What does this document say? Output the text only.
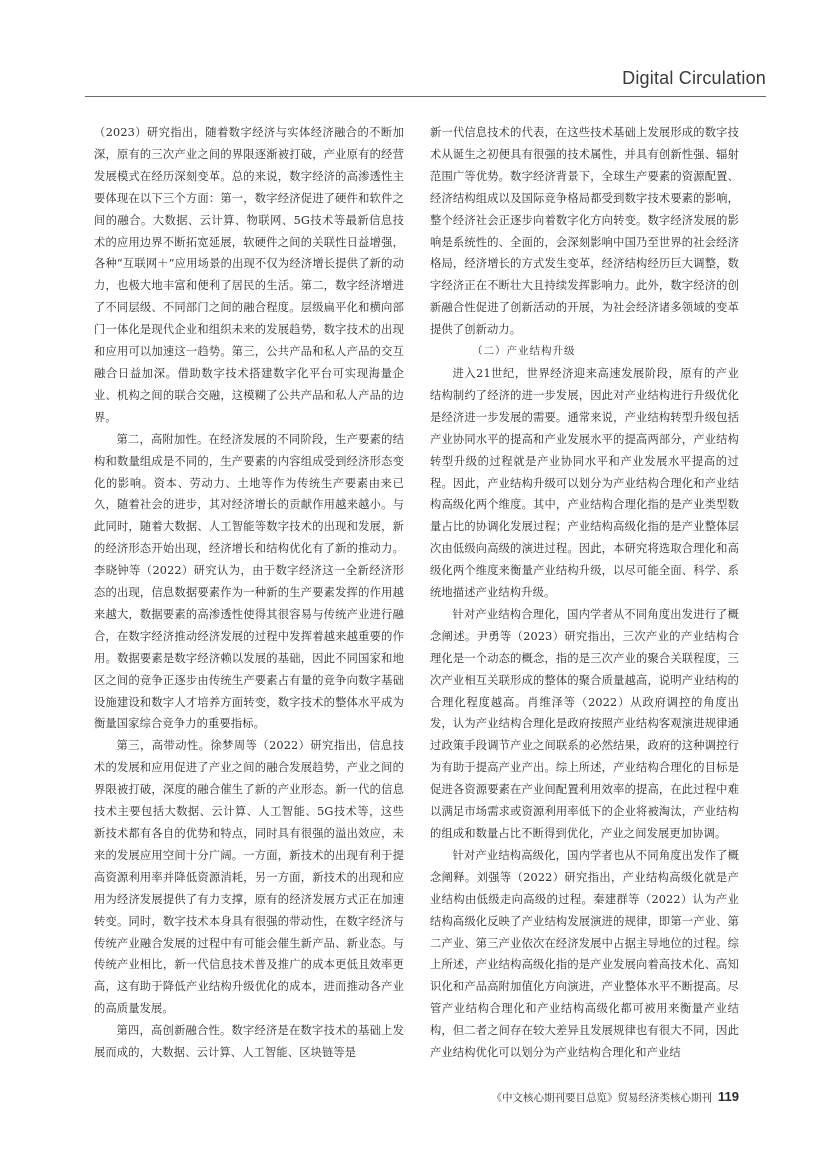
Digital Circulation

（2023）研究指出，随着数字经济与实体经济融合的不断加深，原有的三次产业之间的界限逐渐被打破，产业原有的经营发展模式在经历深刻变革。总的来说，数字经济的高渗透性主要体现在以下三个方面：第一，数字经济促进了硬件和软件之间的融合。大数据、云计算、物联网、5G技术等最新信息技术的应用边界不断拓宽延展，软硬件之间的关联性日益增强，各种“互联网＋”应用场景的出现不仅为经济增长提供了新的动力，也极大地丰富和便利了居民的生活。第二，数字经济增进了不同层级、不同部门之间的融合程度。层级扁平化和横向部门一体化是现代企业和组织未来的发展趋势，数字技术的出现和应用可以加速这一趋势。第三，公共产品和私人产品的交互融合日益加深。借助数字技术搭建数字化平台可实现海量企业、机构之间的联合交融，这模糊了公共产品和私人产品的边界。

第二，高附加性。在经济发展的不同阶段，生产要素的结构和数量组成是不同的，生产要素的内容组成受到经济形态变化的影响。资本、劳动力、土地等作为传统生产要素由来已久，随着社会的进步，其对经济增长的贡献作用越来越小。与此同时，随着大数据、人工智能等数字技术的出现和发展，新的经济形态开始出现，经济增长和结构优化有了新的推动力。李晓钟等（2022）研究认为，由于数字经济这一全新经济形态的出现，信息数据要素作为一种新的生产要素发挥的作用越来越大，数据要素的高渗透性使得其很容易与传统产业进行融合，在数字经济推动经济发展的过程中发挥着越来越重要的作用。数据要素是数字经济赖以发展的基础，因此不同国家和地区之间的竞争正逐步由传统生产要素占有量的竞争向数字基础设施建设和数字人才培养方面转变，数字技术的整体水平成为衡量国家综合竞争力的重要指标。

第三，高带动性。徐梦周等（2022）研究指出，信息技术的发展和应用促进了产业之间的融合发展趋势，产业之间的界限被打破，深度的融合催生了新的产业形态。新一代的信息技术主要包括大数据、云计算、人工智能、5G技术等，这些新技术都有各自的优势和特点，同时具有很强的溢出效应，未来的发展应用空间十分广阔。一方面，新技术的出现有利于提高资源利用率并降低资源消耗，另一方面，新技术的出现和应用为经济发展提供了有力支撑，原有的经济发展方式正在加速转变。同时，数字技术本身具有很强的带动性，在数字经济与传统产业融合发展的过程中有可能会催生新产品、新业态。与传统产业相比，新一代信息技术普及推广的成本更低且效率更高，这有助于降低产业结构升级优化的成本，进而推动各产业的高质量发展。

第四，高创新融合性。数字经济是在数字技术的基础上发展而成的，大数据、云计算、人工智能、区块链等是

新一代信息技术的代表，在这些技术基础上发展形成的数字技术从诞生之初便具有很强的技术属性，并具有创新性强、辐射范围广等优势。数字经济背景下，全球生产要素的资源配置、经济结构组成以及国际竞争格局都受到数字技术要素的影响，整个经济社会正逐步向着数字化方向转变。数字经济发展的影响是系统性的、全面的，会深刻影响中国乃至世界的社会经济格局，经济增长的方式发生变革，经济结构经历巨大调整，数字经济正在不断壮大且持续发挥影响力。此外，数字经济的创新融合性促进了创新活动的开展，为社会经济诸多领域的变革提供了创新动力。

（二）产业结构升级

进入21世纪，世界经济迎来高速发展阶段，原有的产业结构制约了经济的进一步发展，因此对产业结构进行升级优化是经济进一步发展的需要。通常来说，产业结构转型升级包括产业协同水平的提高和产业发展水平的提高两部分，产业结构转型升级的过程就是产业协同水平和产业发展水平提高的过程。因此，产业结构升级可以划分为产业结构合理化和产业结构高级化两个维度。其中，产业结构合理化指的是产业类型数量占比的协调化发展过程；产业结构高级化指的是产业整体层次由低级向高级的演进过程。因此，本研究将选取合理化和高级化两个维度来衡量产业结构升级，以尽可能全面、科学、系统地描述产业结构升级。

针对产业结构合理化，国内学者从不同角度出发进行了概念阐述。尹勇等（2023）研究指出，三次产业的产业结构合理化是一个动态的概念，指的是三次产业的聚合关联程度，三次产业相互关联形成的整体的聚合质量越高，说明产业结构的合理化程度越高。肖维泽等（2022）从政府调控的角度出发，认为产业结构合理化是政府按照产业结构客观演进规律通过政策手段调节产业之间联系的必然结果，政府的这种调控行为有助于提高产业产出。综上所述，产业结构合理化的目标是促进各资源要素在产业间配置利用效率的提高，在此过程中难以满足市场需求或资源利用率低下的企业将被淘汰，产业结构的组成和数量占比不断得到优化，产业之间发展更加协调。

针对产业结构高级化，国内学者也从不同角度出发作了概念阐释。刘强等（2022）研究指出，产业结构高级化就是产业结构由低级走向高级的过程。秦建群等（2022）认为产业结构高级化反映了产业结构发展演进的规律，即第一产业、第二产业、第三产业依次在经济发展中占据主导地位的过程。综上所述，产业结构高级化指的是产业发展向着高技术化、高知识化和产品高附加值化方向演进，产业整体水平不断提高。尽管产业结构合理化和产业结构高级化都可被用来衡量产业结构，但二者之间存在较大差异且发展规律也有很大不同，因此产业结构优化可以划分为产业结构合理化和产业结

《中文核心期刊要目总览》贸易经济类核心期刊 119
